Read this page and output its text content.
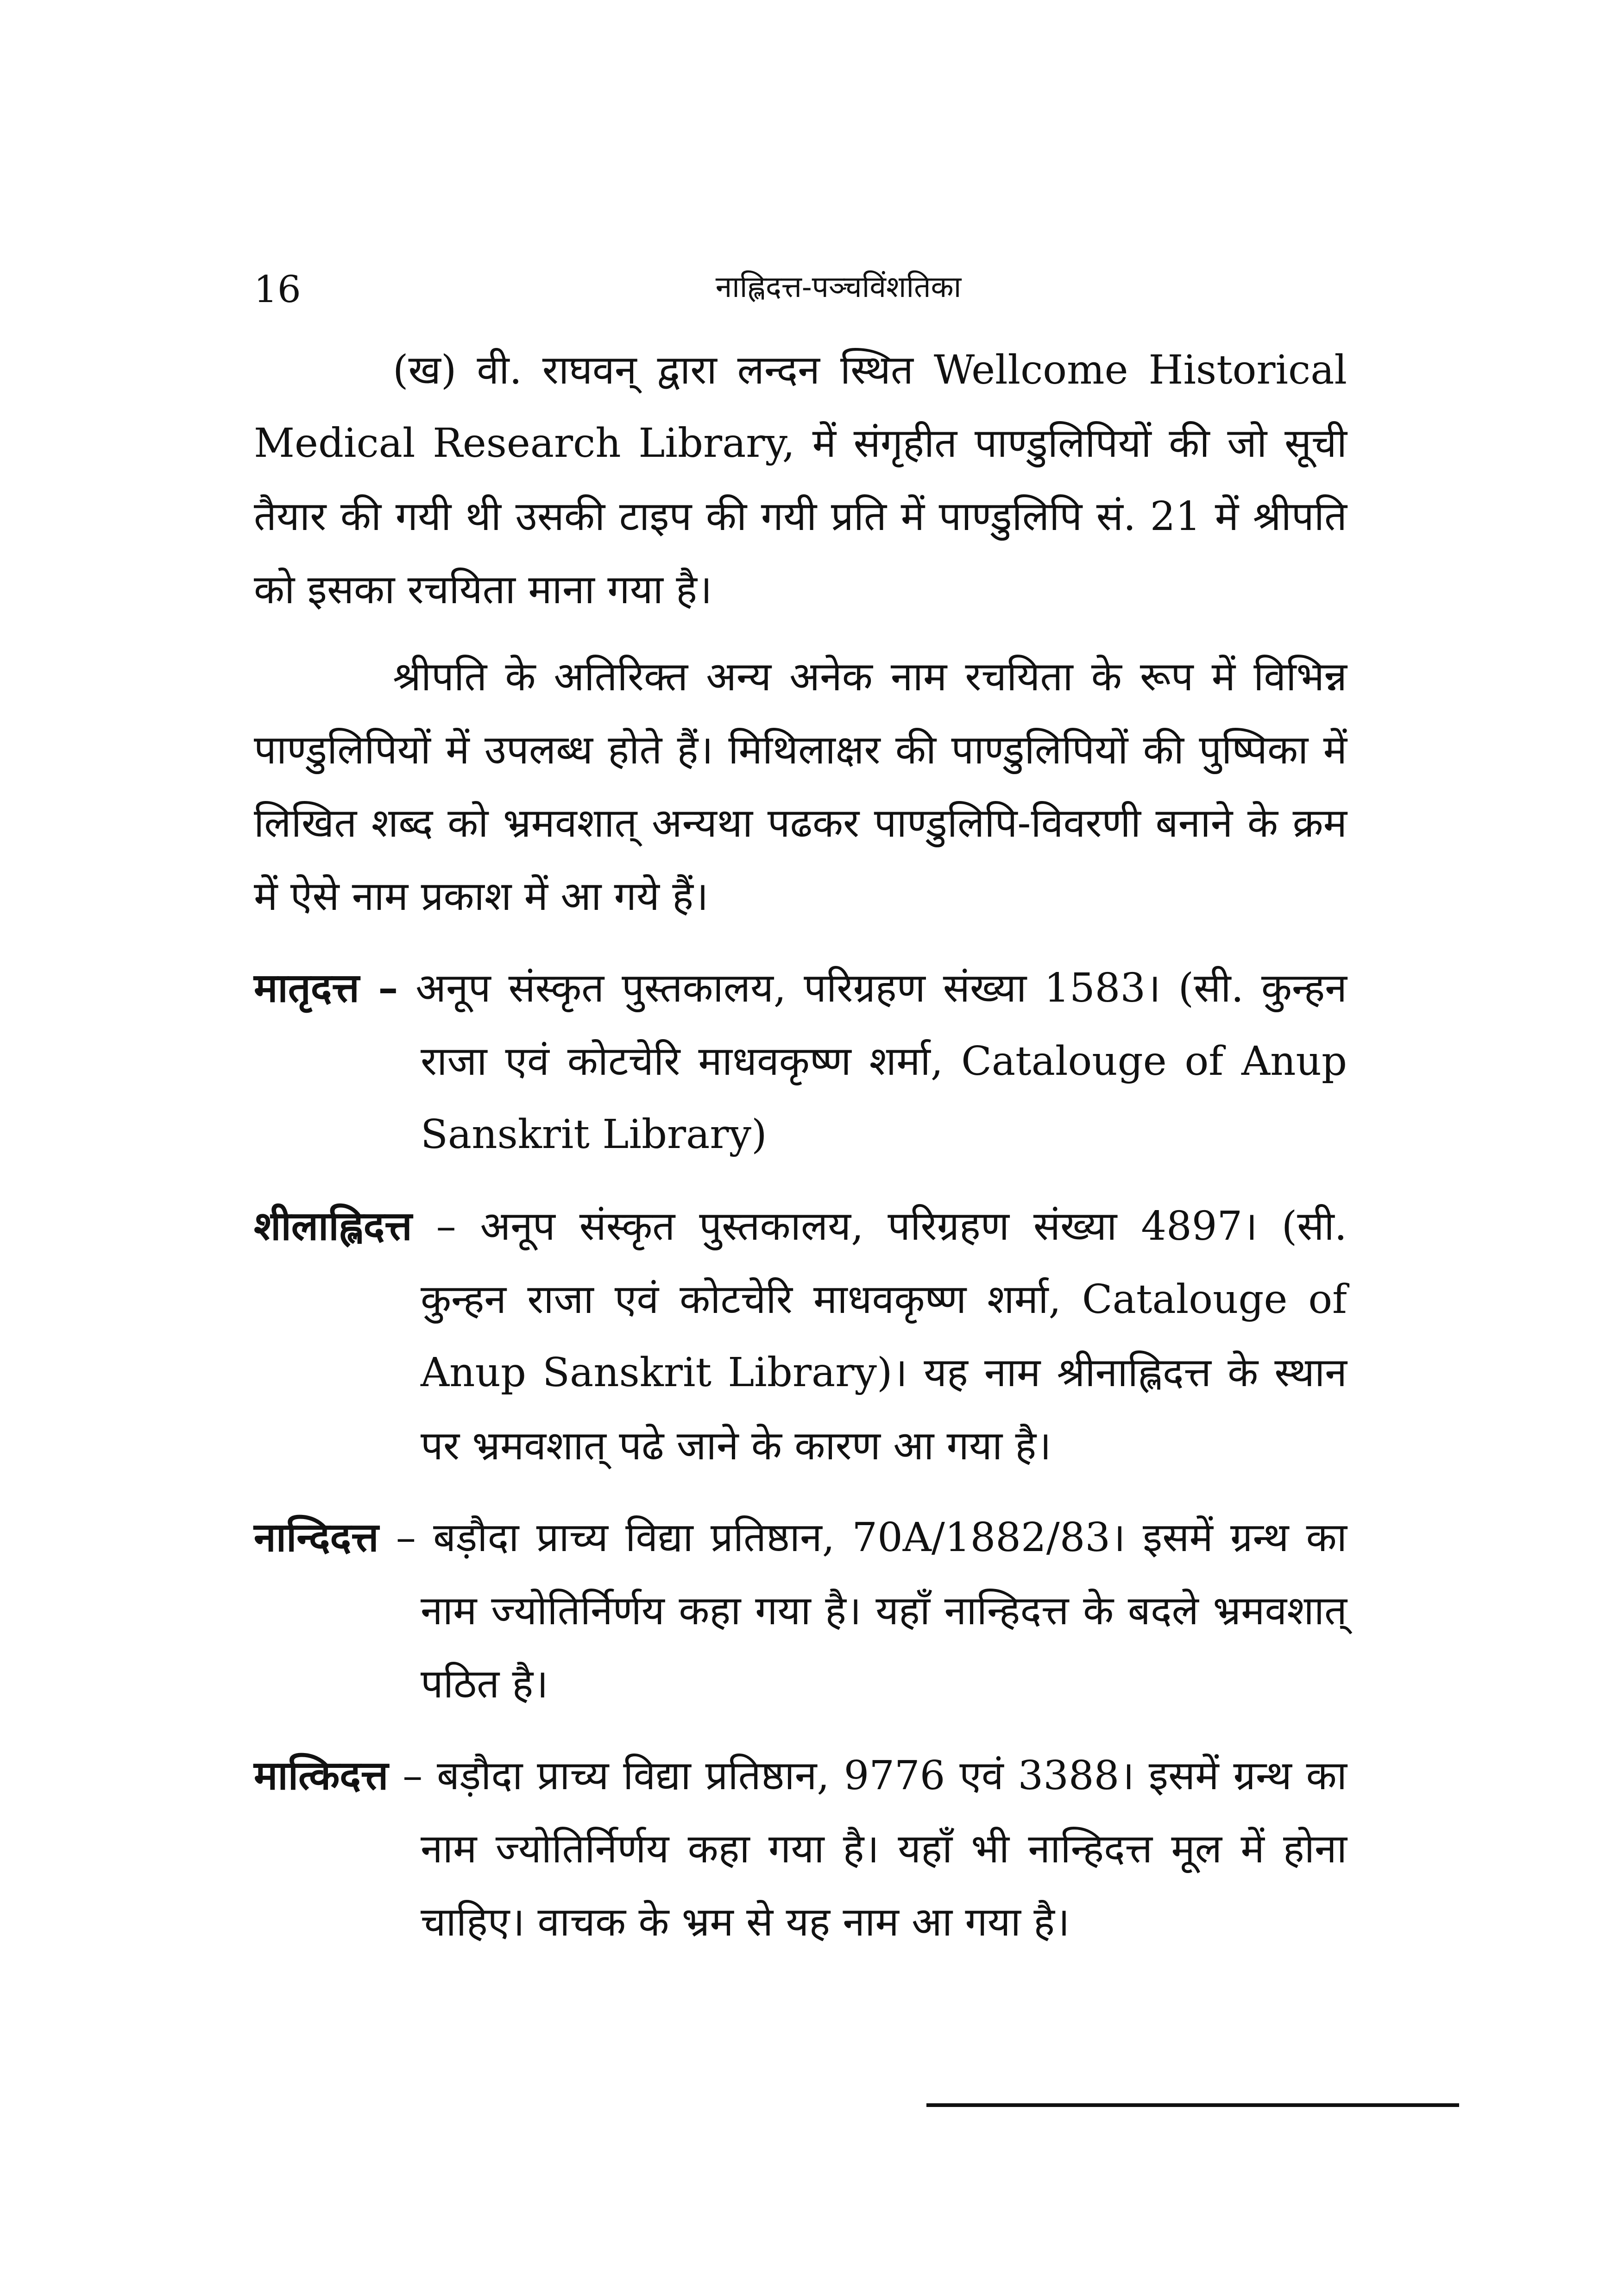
16	नाह्लिदत्त-पञ्चविंशतिका

(ख) वी. राघवन् द्वारा लन्दन स्थित Wellcome Historical Medical Research Library, में संगृहीत पाण्डुलिपियों की जो सूची तैयार की गयी थी उसकी टाइप की गयी प्रति में पाण्डुलिपि सं. 21 में श्रीपति को इसका रचयिता माना गया है।

श्रीपति के अतिरिक्त अन्य अनेक नाम रचयिता के रूप में विभिन्न पाण्डुलिपियों में उपलब्ध होते हैं। मिथिलाक्षर की पाण्डुलिपियों की पुष्पिका में लिखित शब्द को भ्रमवशात् अन्यथा पढकर पाण्डुलिपि-विवरणी बनाने के क्रम में ऐसे नाम प्रकाश में आ गये हैं।

मातृदत्त – अनूप संस्कृत पुस्तकालय, परिग्रहण संख्या 1583। (सी. कुन्हन राजा एवं कोटचेरि माधवकृष्ण शर्मा, Catalouge of Anup Sanskrit Library)

शीलाह्लिदत्त – अनूप संस्कृत पुस्तकालय, परिग्रहण संख्या 4897। (सी. कुन्हन राजा एवं कोटचेरि माधवकृष्ण शर्मा, Catalouge of Anup Sanskrit Library)। यह नाम श्रीनाह्लिदत्त के स्थान पर भ्रमवशात् पढे जाने के कारण आ गया है।

नान्दिदत्त – बड़ौदा प्राच्य विद्या प्रतिष्ठान, 70A/1882/83। इसमें ग्रन्थ का नाम ज्योतिर्निर्णय कहा गया है। यहाँ नान्हिदत्त के बदले भ्रमवशात् पठित है।

मात्किदत्त – बड़ौदा प्राच्य विद्या प्रतिष्ठान, 9776 एवं 3388। इसमें ग्रन्थ का नाम ज्योतिर्निर्णय कहा गया है। यहाँ भी नान्हिदत्त मूल में होना चाहिए। वाचक के भ्रम से यह नाम आ गया है।
